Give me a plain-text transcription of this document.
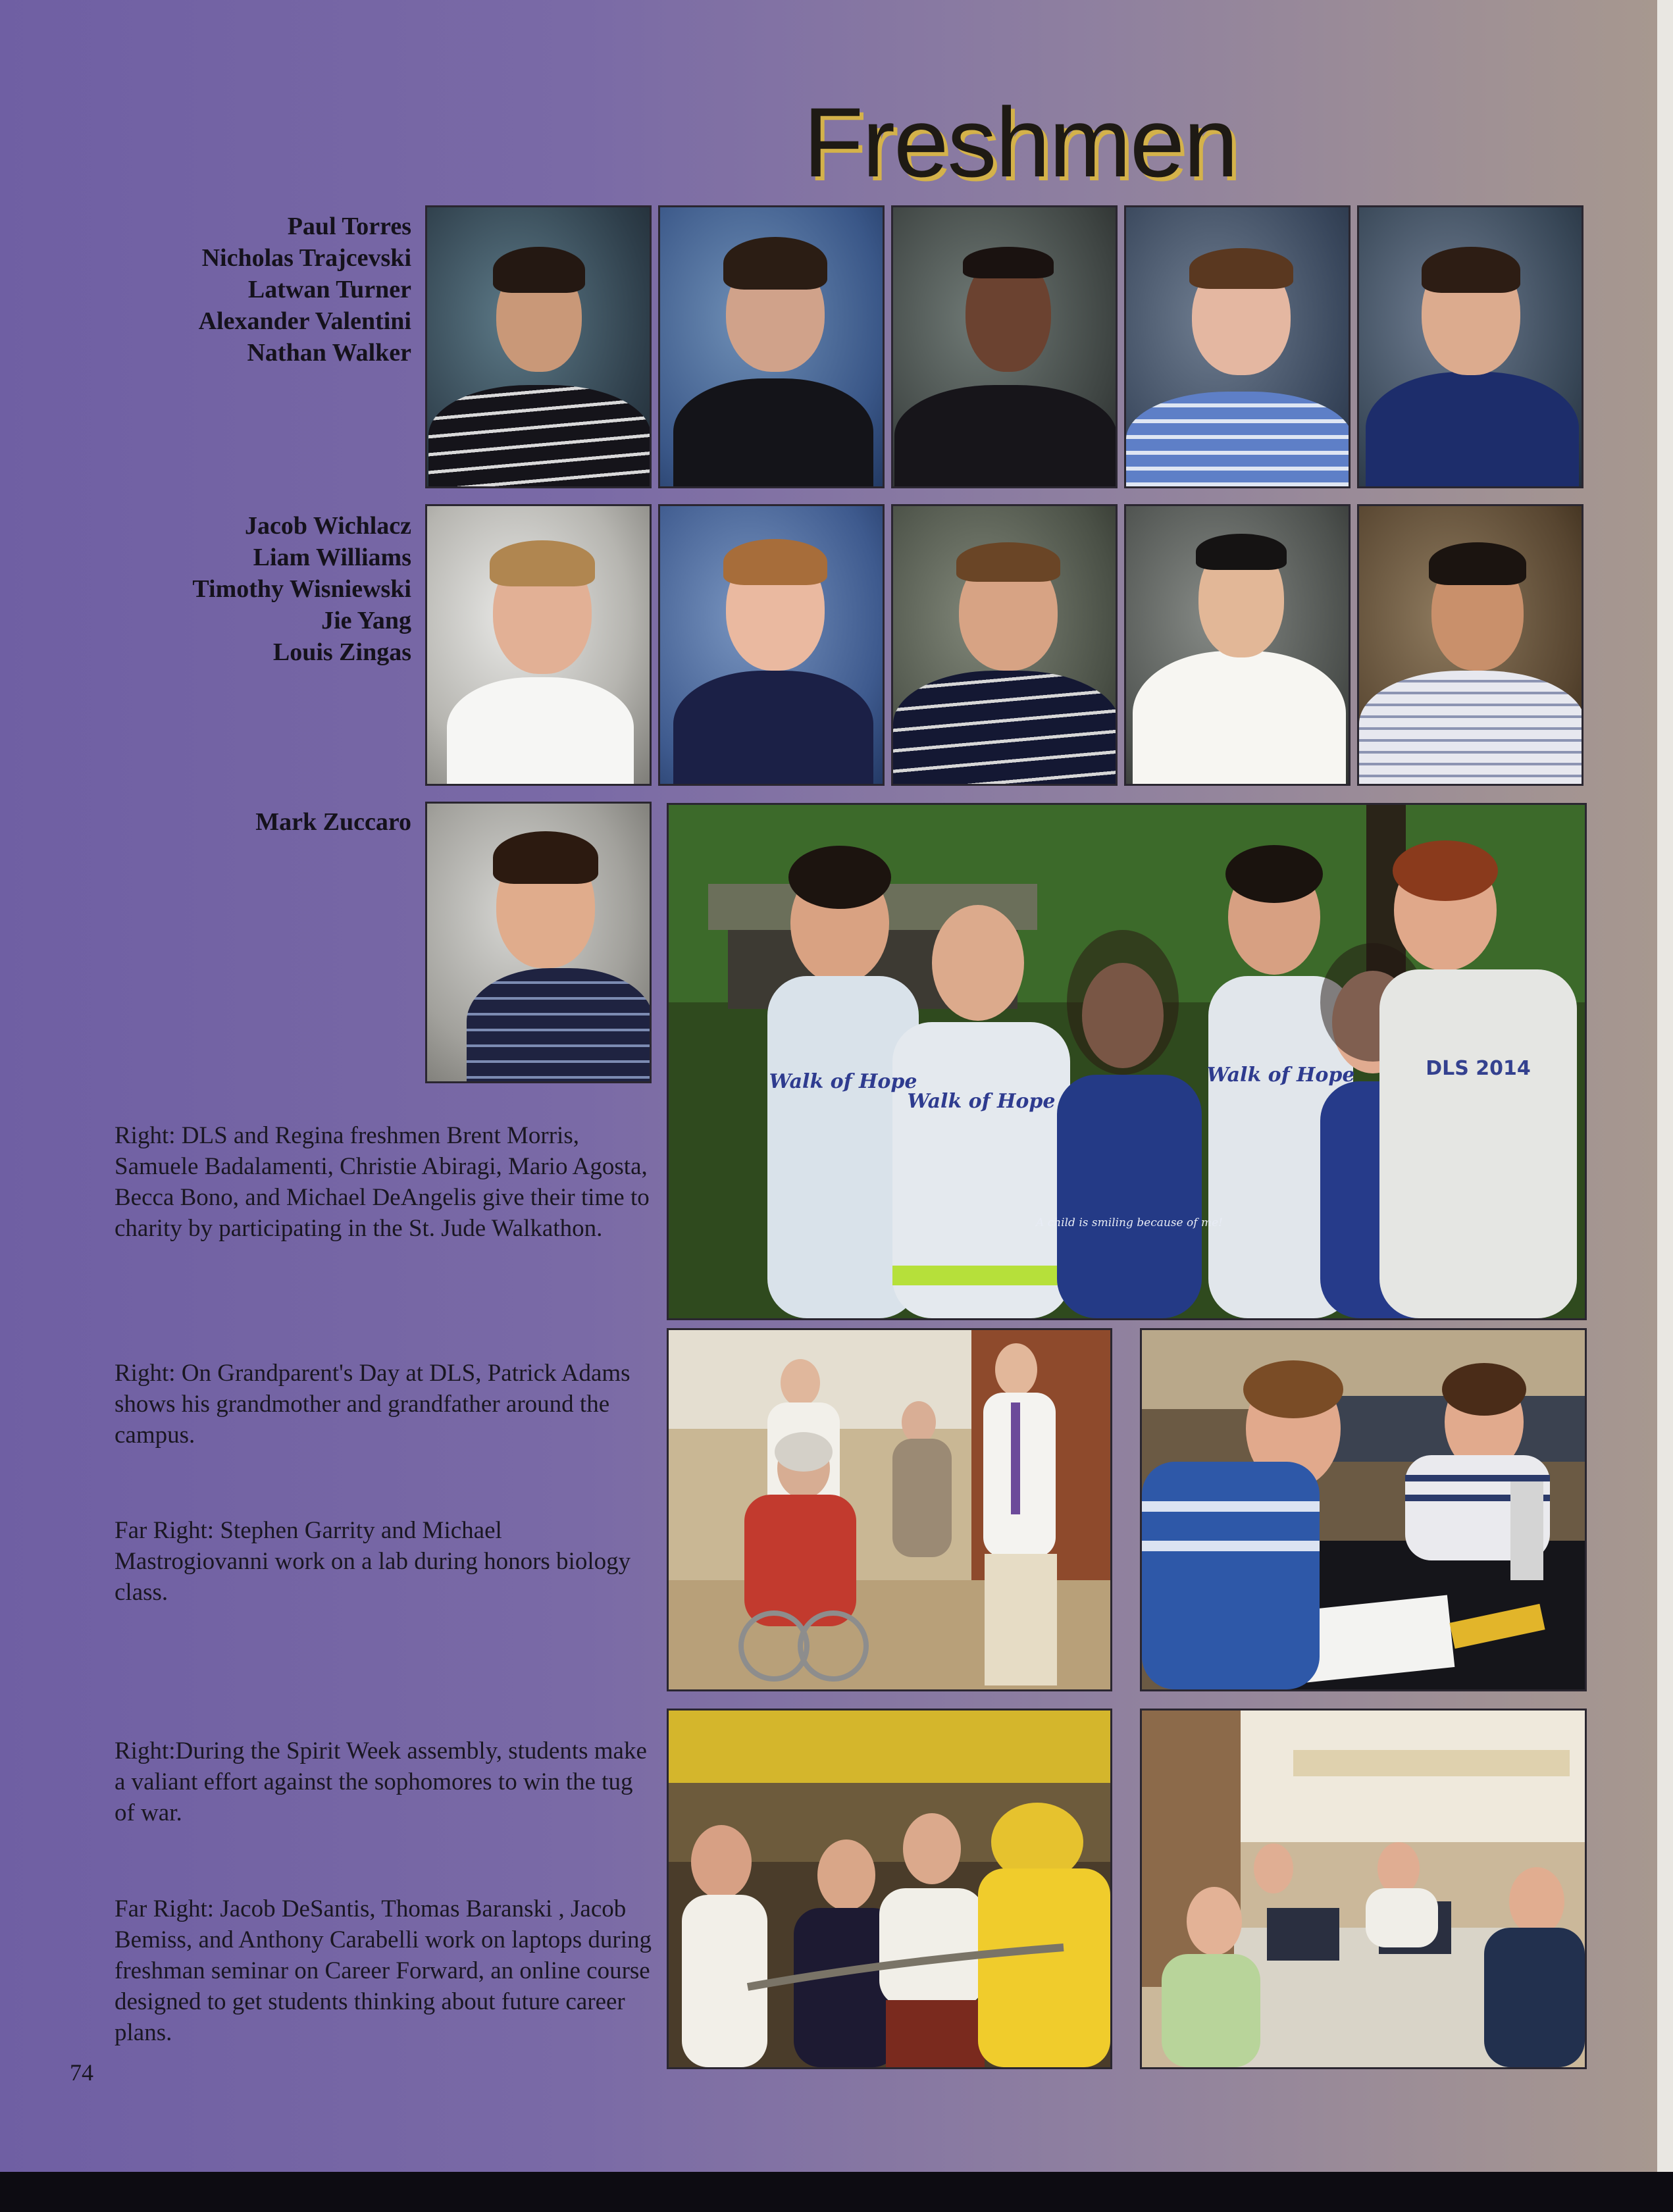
Freshmen
Paul Torres
Nicholas Trajcevski
Latwan Turner
Alexander Valentini
Nathan Walker
Jacob Wichlacz
Liam Williams
Timothy Wisniewski
Jie Yang
Louis Zingas
Mark Zuccaro
Walk of Hope
Walk of Hope
Walk of Hope
A child is smiling because of me!
DLS 2014
Right: DLS and Regina freshmen Brent Morris, Samuele Badalamenti, Christie Abiragi, Mario Agosta, Becca Bono, and Michael DeAngelis give their time to charity by participating in the St. Jude Walkathon.
Right: On Grandparent's Day at DLS, Patrick Adams shows his grandmother and grandfather around the campus.
Far Right: Stephen Garrity and Michael Mastrogiovanni work on a lab during honors biology class.
Right:During the Spirit Week assembly, students make a valiant effort against the sophomores to win the tug of war.
Far Right: Jacob DeSantis, Thomas Baranski , Jacob Bemiss, and Anthony Carabelli work on laptops during freshman seminar on Career Forward, an online course designed to get students thinking about future career plans.
74
